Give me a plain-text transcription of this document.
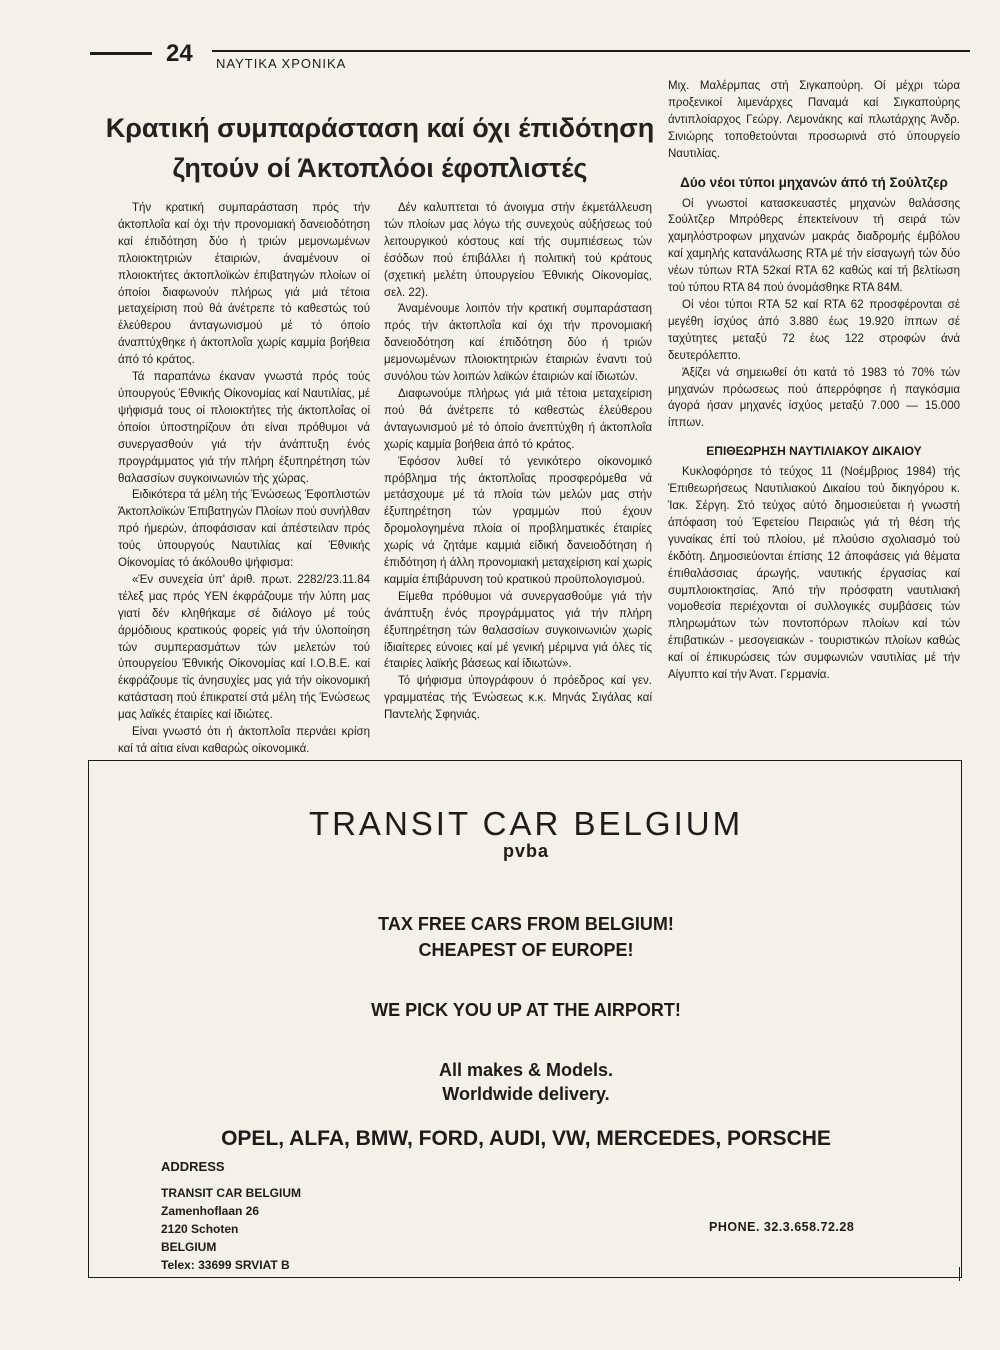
24 ΝΑΥΤΙΚΑ ΧΡΟΝΙΚΑ
Κρατική συμπαράσταση καί όχι έπιδότηση ζητούν οί Άκτοπλόοι έφοπλιστές

Τήν κρατική συμπαράσταση πρός τήν άκτοπλοΐα καί όχι τήν προνομιακή δανειοδότηση καί έπιδότηση δύο ή τριών μεμονωμένων πλοιοκτητριών έταιριών, άναμένουν οί πλοιοκτήτες άκτοπλοϊκών έπιβατηγών πλοίων οί όποίοι διαφωνούν πλήρως γιά μιά τέτοια μεταχείριση πού θά άνέτρεπε τό καθεστώς τού έλεύθερου άνταγωνισμού μέ τό όποίο άναπτύχθηκε ή άκτοπλοΐα χωρίς καμμία βοήθεια άπό τό κράτος.

Τά παραπάνω έκαναν γνωστά πρός τούς ύπουργούς Έθνικής Οίκονομίας καί Ναυτιλίας, μέ ψήφισμά τους οί πλοιοκτήτες τής άκτοπλοΐας οί όποίοι ύποστηρίζουν ότι είναι πρόθυμοι νά συνεργασθούν γιά τήν άνάπτυξη ένός προγράμματος γιά τήν πλήρη έξυπηρέτηση τών θαλασσίων συγκοινωνιών τής χώρας.

Ειδικότερα τά μέλη τής Ένώσεως Έφοπλιστών Άκτοπλοϊκών Έπιβατηγών Πλοίων πού συνήλθαν πρό ήμερών, άποφάσισαν καί άπέστειλαν πρός τούς ύπουργούς Ναυτιλίας καί Έθνικής Οίκονομίας τό άκόλουθο ψήφισμα:

«Έν συνεχεία ύπ' άριθ. πρωτ. 2282/23.11.84 τέλεξ μας πρός ΥΕΝ έκφράζουμε τήν λύπη μας γιατί δέν κληθήκαμε σέ διάλογο μέ τούς άρμόδιους κρατικούς φορείς γιά τήν ύλοποίηση τών συμπερασμάτων τών μελετών τού ύπουργείου Έθνικής Οίκονομίας καί Ι.Ο.Β.Ε. καί έκφράζουμε τίς άνησυχίες μας γιά τήν οίκονομική κατάσταση πού έπικρατεί στά μέλη τής Ένώσεως μας λαϊκές έταιρίες καί ίδιώτες.

Είναι γνωστό ότι ή άκτοπλοΐα περνάει κρίση καί τά αίτια είναι καθαρώς οίκονομικά.

Δέν καλυπτεται τό άνοιγμα στήν έκμετάλλευση τών πλοίων μας λόγω τής συνεχούς αύξήσεως τού λειτουργικού κόστους καί τής συμπιέσεως τών έσόδων πού έπιβάλλει ή πολιτική τού κράτους (σχετική μελέτη ύπουργείου Έθνικής Οίκονομίας, σελ. 22).

Άναμένουμε λοιπόν τήν κρατική συμπαράσταση πρός τήν άκτοπλοΐα καί όχι τήν προνομιακή δανειοδότηση καί έπιδότηση δύο ή τριών μεμονωμένων πλοιοκτητριών έταιριών έναντι τού συνόλου τών λοιπών λαϊκών έταιριών καί ίδιωτών.

Διαφωνούμε πλήρως γιά μιά τέτοια μεταχείριση πού θά άνέτρεπε τό καθεστώς έλεύθερου άνταγωνισμού μέ τό όποίο άνεπτύχθη ή άκτοπλοΐα χωρίς καμμία βοήθεια άπό τό κράτος.

Έφόσον λυθεί τό γενικότερο οίκονομικό πρόβλημα τής άκτοπλοΐας προσφερόμεθα νά μετάσχουμε μέ τά πλοία τών μελών μας στήν έξυπηρέτηση τών γραμμών πού έχουν δρομολογημένα πλοία οί προβληματικές έταιρίες χωρίς νά ζητάμε καμμιά είδική δανειοδότηση ή έπιδότηση ή άλλη προνομιακή μεταχείριση καί χωρίς καμμία έπιβάρυνση τού κρατικού προϋπολογισμού.

Είμεθα πρόθυμοι νά συνεργασθούμε γιά τήν άνάπτυξη ένός προγράμματος γιά τήν πλήρη έξυπηρέτηση τών θαλασσίων συγκοινωνιών χωρίς ίδιαίτερες εύνοιες καί μέ γενική μέριμνα γιά όλες τίς έταιρίες λαϊκής βάσεως καί ίδιωτών».

Τό ψήφισμα ύπογράφουν ό πρόεδρος καί γεν. γραμματέας τής Ένώσεως κ.κ. Μηνάς Σιγάλας καί Παντελής Σφηνιάς.

Μιχ. Μαλέρμπας στή Σιγκαπούρη. Οί μέχρι τώρα προξενικοί λιμενάρχες Παναμά καί Σιγκαπούρης άντιπλοίαρχος Γεώργ. Λεμονάκης καί πλωτάρχης Άνδρ. Σινιώρης τοποθετούνται προσωρινά στό ύπουργείο Ναυτιλίας.

Δύο νέοι τύποι μηχανών άπό τή Σούλτζερ

Οί γνωστοί κατασκευαστές μηχανών θαλάσσης Σούλτζερ Μπρόθερς έπεκτείνουν τή σειρά τών χαμηλόστροφων μηχανών μακράς διαδρομής έμβόλου καί χαμηλής κατανάλωσης RTA μέ τήν είσαγωγή τών δύο νέων τύπων RTA 52καί RTA 62 καθώς καί τή βελτίωση τού τύπου RTA 84 πού όνομάσθηκε RTA 84M.

Οί νέοι τύποι RTA 52 καί RTA 62 προσφέρονται σέ μεγέθη ίσχύος άπό 3.880 έως 19.920 ίππων σέ ταχύτητες μεταξύ 72 έως 122 στροφών άνά δευτερόλεπτο.

Άξίζει νά σημειωθεί ότι κατά τό 1983 τό 70% τών μηχανών πρόωσεως πού άπερρόφησε ή παγκόσμια άγορά ήσαν μηχανές ίσχύος μεταξύ 7.000 — 15.000 ίππων.

ΕΠΙΘΕΩΡΗΣΗ ΝΑΥΤΙΛΙΑΚΟΥ ΔΙΚΑΙΟΥ

Κυκλοφόρησε τό τεύχος 11 (Νοέμβριος 1984) τής Έπιθεωρήσεως Ναυτιλιακού Δικαίου τού δικηγόρου κ. Ίακ. Σέργη. Στό τεύχος αύτό δημοσιεύεται ή γνωστή άπόφαση τού Έφετείου Πειραιώς γιά τή θέση τής γυναίκας έπί τού πλοίου, μέ πλούσιο σχολιασμό τού έκδότη. Δημοσιεύονται έπίσης 12 άποφάσεις γιά θέματα έπιθαλάσσιας άρωγής, ναυτικής έργασίας καί συμπλοιοκτησίας. Άπό τήν πρόσφατη ναυτιλιακή νομοθεσία περιέχονται οί συλλογικές συμβάσεις τών πληρωμάτων τών ποντοπόρων πλοίων καί τών έπιβατικών - μεσογειακών - τουριστικών πλοίων καθώς καί οί έπικυρώσεις τών συμφωνιών ναυτιλίας μέ τήν Αίγυπτο καί τήν Άνατ. Γερμανία.

TRANSIT CAR BELGIUM
pvba
TAX FREE CARS FROM BELGIUM!
CHEAPEST OF EUROPE!
WE PICK YOU UP AT THE AIRPORT!
All makes & Models.
Worldwide delivery.
OPEL, ALFA, BMW, FORD, AUDI, VW, MERCEDES, PORSCHE
ADDRESS
TRANSIT CAR BELGIUM
Zamenhoflaan 26
2120 Schoten
BELGIUM
Telex: 33699 SRVIAT B
PHONE. 32.3.658.72.28
